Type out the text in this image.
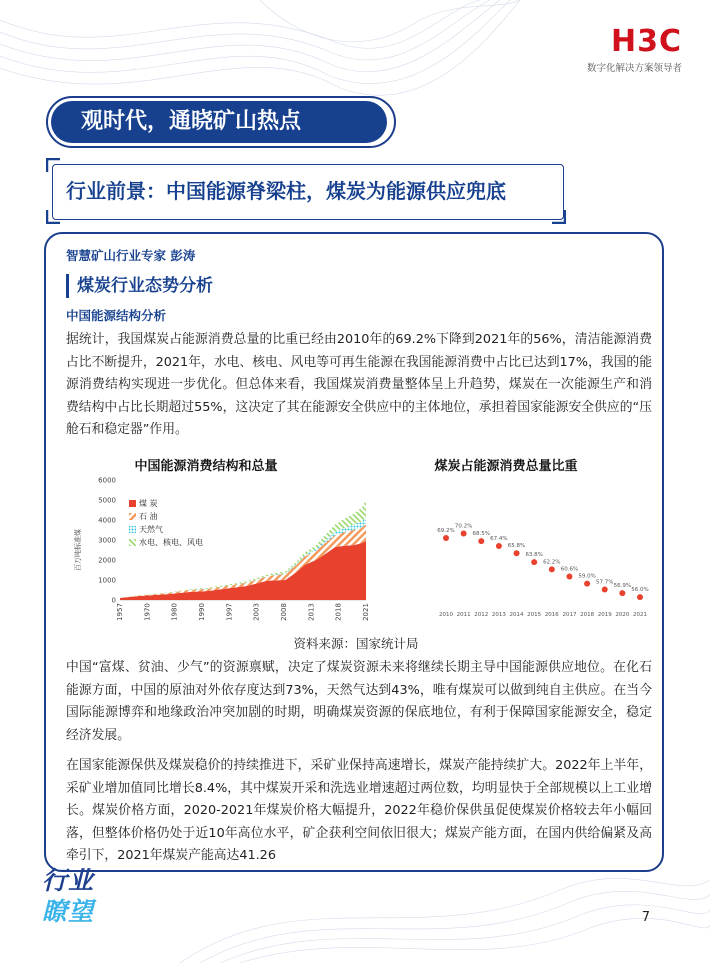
H3C
数字化解决方案领导者
观时代，通晓矿山热点
行业前景：中国能源脊梁柱，煤炭为能源供应兜底
智慧矿山行业专家 彭涛
煤炭行业态势分析
中国能源结构分析

据统计，我国煤炭占能源消费总量的比重已经由2010年的69.2%下降到2021年的56%，清洁能源消费占比不断提升，2021年，水电、核电、风电等可再生能源在我国能源消费中占比已达到17%，我国的能源消费结构实现进一步优化。但总体来看，我国煤炭消费量整体呈上升趋势，煤炭在一次能源生产和消费结构中占比长期超过55%，这决定了其在能源安全供应中的主体地位，承担着国家能源安全供应的“压舱石和稳定器”作用。

中国能源消费结构和总量
百万吨标准煤
0
1000
2000
3000
4000
5000
6000
1957	1970	1980	1990	1997	2003	2008	2013	2018	2021
煤 炭
石 油
天然气
水电、核电、风电
煤炭占能源消费总量比重
69.2%
70.2%
68.5%
67.4%
65.8%
63.8%
62.2%
60.6%
59.0%
57.7%
56.9%
56.0%
2010 2011 2012 2013 2014 2015 2016 2017 2018 2019 2020 2021
资料来源：国家统计局

中国“富煤、贫油、少气”的资源禀赋，决定了煤炭资源未来将继续长期主导中国能源供应地位。在化石能源方面，中国的原油对外依存度达到73%，天然气达到43%，唯有煤炭可以做到纯自主供应。在当今国际能源博弈和地缘政治冲突加剧的时期，明确煤炭资源的保底地位，有利于保障国家能源安全，稳定经济发展。

在国家能源保供及煤炭稳价的持续推进下，采矿业保持高速增长，煤炭产能持续扩大。2022年上半年，采矿业增加值同比增长8.4%，其中煤炭开采和洗选业增速超过两位数，均明显快于全部规模以上工业增长。煤炭价格方面，2020-2021年煤炭价格大幅提升，2022年稳价保供虽促使煤炭价格较去年小幅回落，但整体价格仍处于近10年高位水平，矿企获利空间依旧很大；煤炭产能方面，在国内供给偏紧及高牵引下，2021年煤炭产能高达41.26

行业
瞭望	7
